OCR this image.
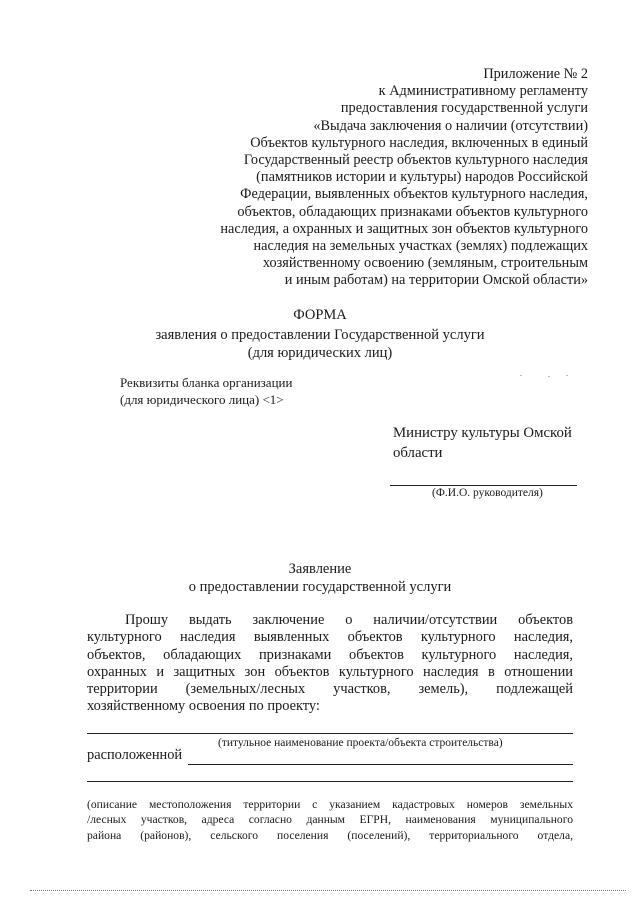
Приложение № 2
к Административному регламенту
предоставления государственной услуги
«Выдача заключения о наличии (отсутствии)
Объектов культурного наследия, включенных в единый
Государственный реестр объектов культурного наследия
(памятников истории и культуры) народов Российской
Федерации, выявленных объектов культурного наследия,
объектов, обладающих признаками объектов культурного
наследия, а охранных и защитных зон объектов культурного
наследия на земельных участках (землях) подлежащих
хозяйственному освоению (земляным, строительным
и иным работам) на территории Омской области»
ФОРМА
заявления о предоставлении Государственной услуги
(для юридических лиц)
Реквизиты бланка организации
(для юридического лица) <1>
Министру культуры Омской
области
(Ф.И.О. руководителя)
Заявление
о предоставлении государственной услуги
Прошу выдать заключение о наличии/отсутствии объектов
культурного наследия выявленных объектов культурного наследия,
объектов, обладающих признаками объектов культурного наследия,
охранных и защитных зон объектов культурного наследия в отношении
территории (земельных/лесных участков, земель), подлежащей
хозяйственному освоения по проекту:
(титульное наименование проекта/объекта строительства)
расположенной
(описание местоположения территории с указанием кадастровых номеров земельных
/лесных участков, адреса согласно данным ЕГРН, наименования муниципального
района (районов), сельского поселения (поселений), территориального отдела,
